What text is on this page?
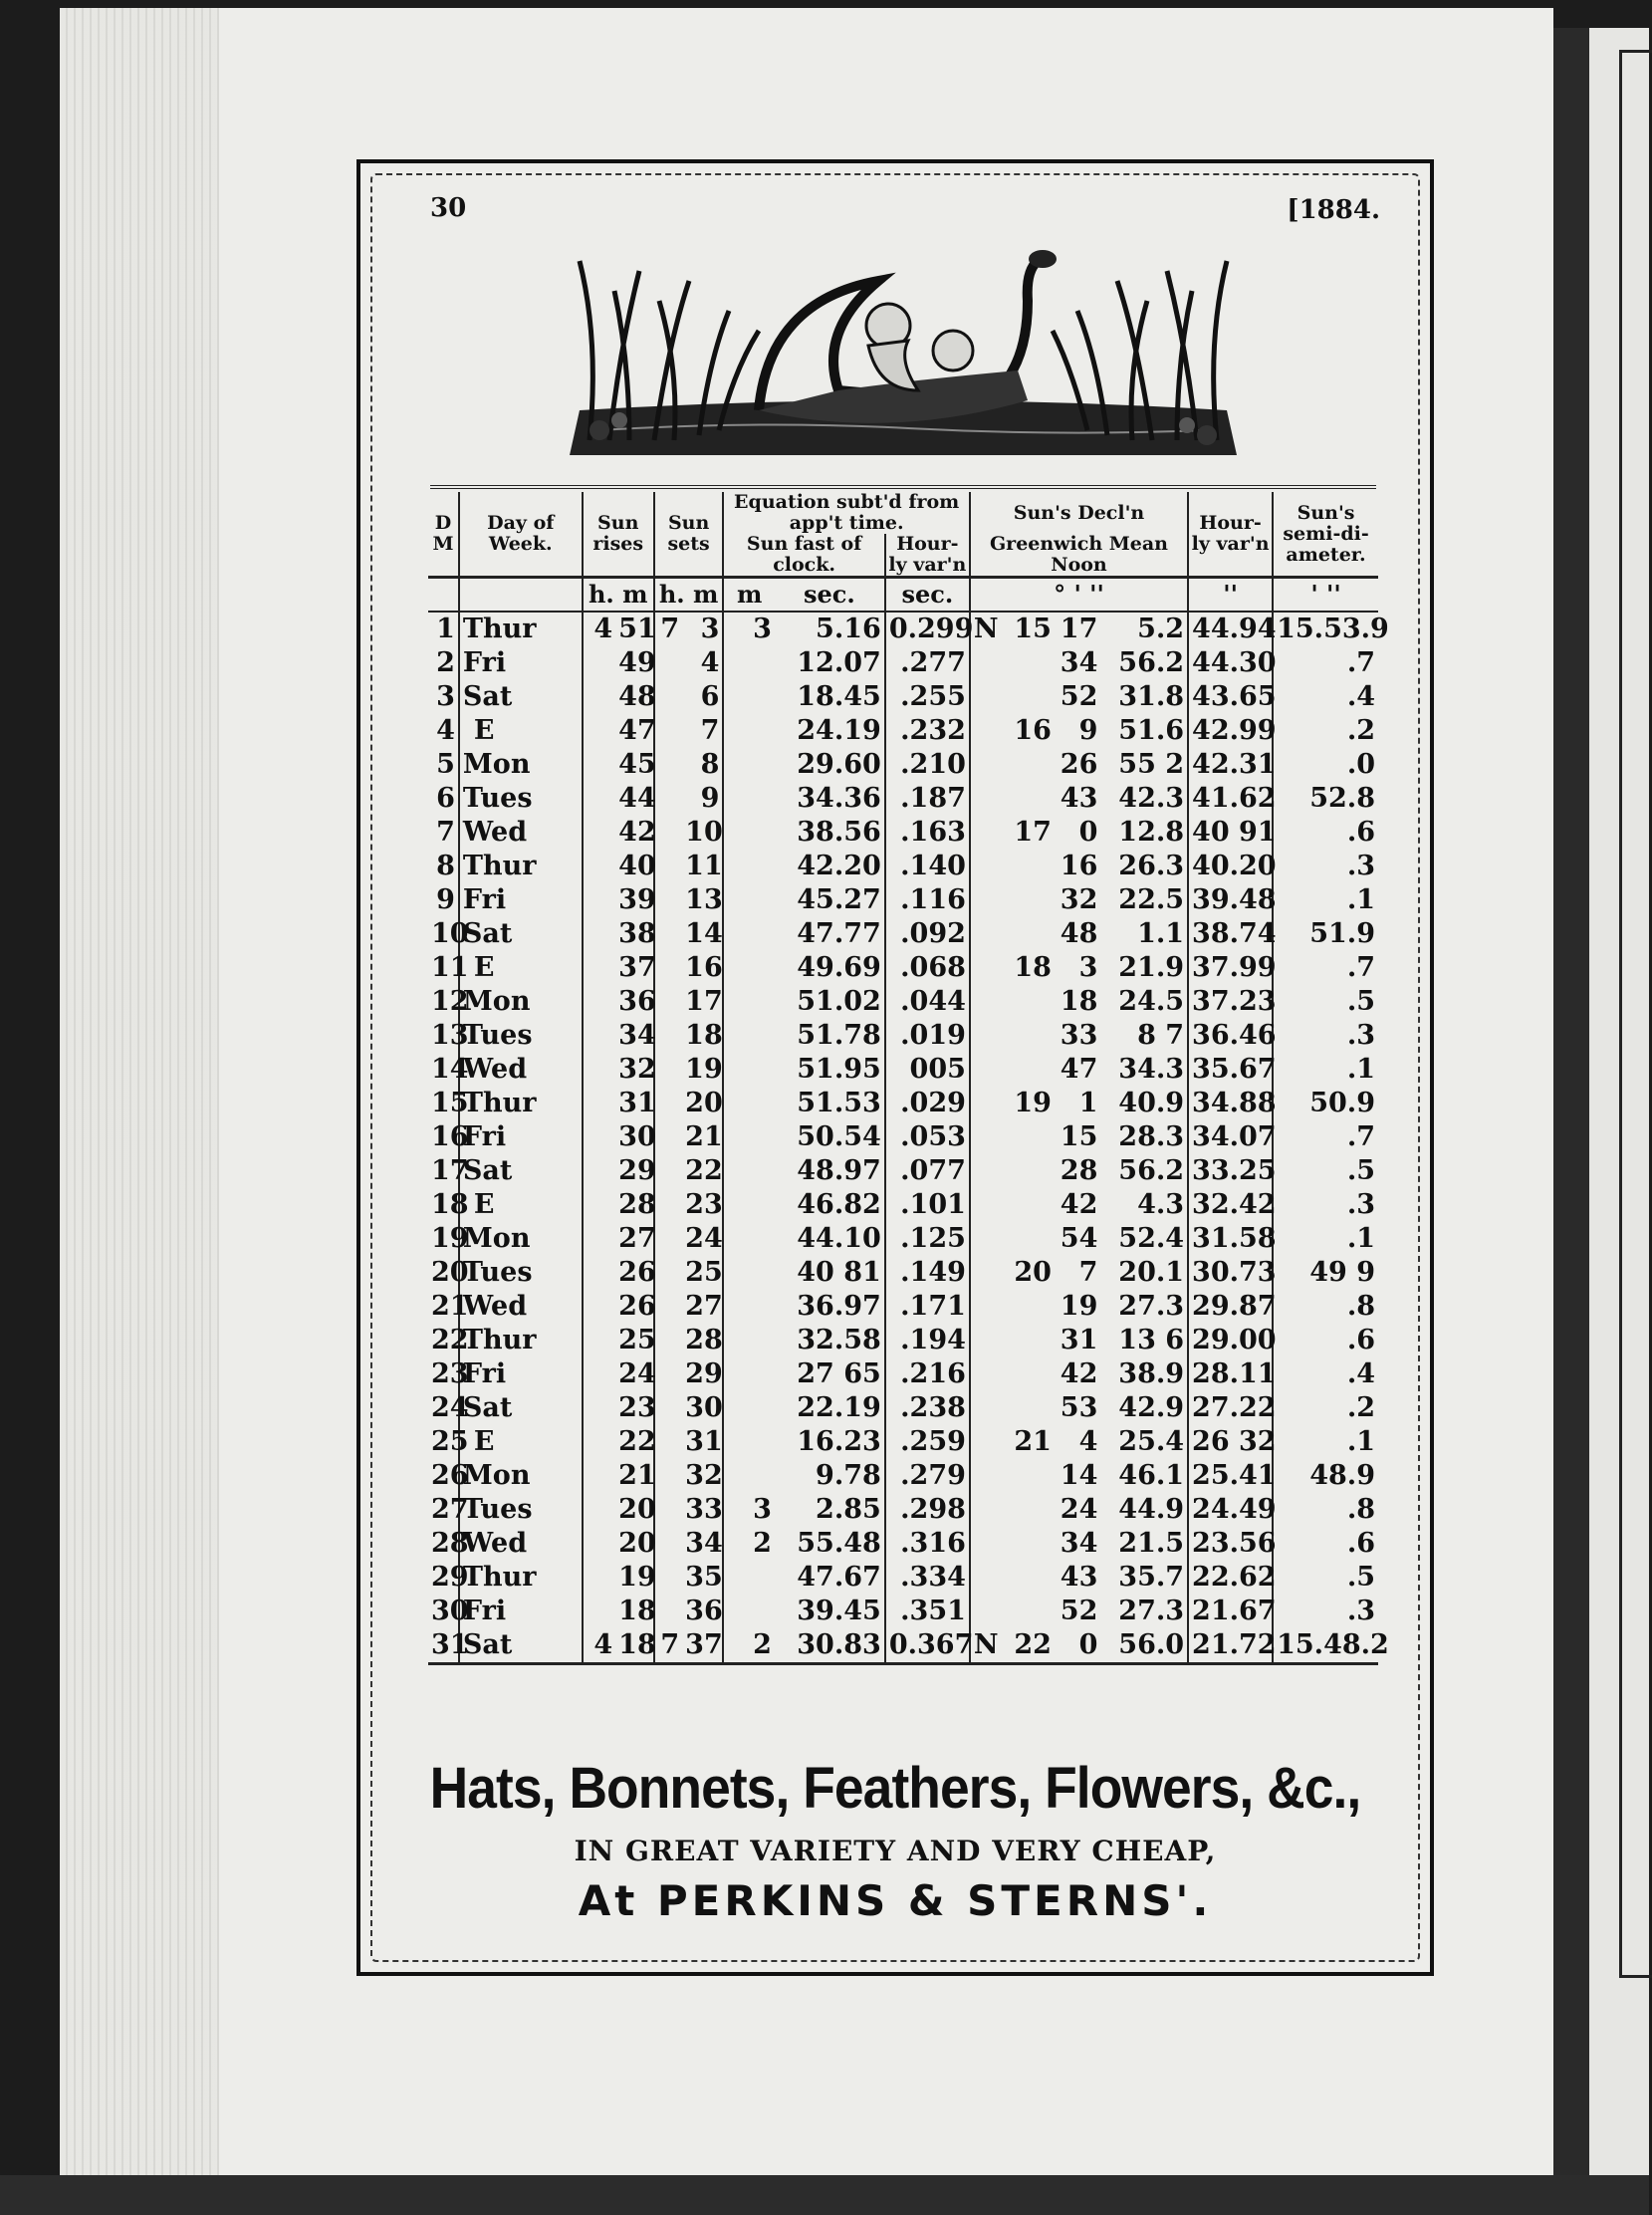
30	[1884.
D M	Day of Week.	Sun rises		Sun sets		Equation subt'd from app't time.			Sun's Decl'n				Hour-ly var'n	Sun's semi-di-ameter.
						Sun fast of clock.		Hour-ly var'n	Greenwich Mean Noon					
		h. m		h. m		m	sec.	sec.	° ' ''				''	' ''
1	Thur	4	51	7	3	3	5.16	0.299	N	15	17	5.2	44.94	15.53.9
2	Fri		49		4		12.07	.277			34	56.2	44.30	.7
3	Sat		48		6		18.45	.255			52	31.8	43.65	.4
4	E		47		7		24.19	.232		16	9	51.6	42.99	.2
5	Mon		45		8		29.60	.210			26	55 2	42.31	.0
6	Tues		44		9		34.36	.187			43	42.3	41.62	52.8
7	Wed		42		10		38.56	.163		17	0	12.8	40 91	.6
8	Thur		40		11		42.20	.140			16	26.3	40.20	.3
9	Fri		39		13		45.27	.116			32	22.5	39.48	.1
10	Sat		38		14		47.77	.092			48	1.1	38.74	51.9
11	E		37		16		49.69	.068		18	3	21.9	37.99	.7
12	Mon		36		17		51.02	.044			18	24.5	37.23	.5
13	Tues		34		18		51.78	.019			33	8 7	36.46	.3
14	Wed		32		19		51.95	005			47	34.3	35.67	.1
15	Thur		31		20		51.53	.029		19	1	40.9	34.88	50.9
16	Fri		30		21		50.54	.053			15	28.3	34.07	.7
17	Sat		29		22		48.97	.077			28	56.2	33.25	.5
18	E		28		23		46.82	.101			42	4.3	32.42	.3
19	Mon		27		24		44.10	.125			54	52.4	31.58	.1
20	Tues		26		25		40 81	.149		20	7	20.1	30.73	49 9
21	Wed		26		27		36.97	.171			19	27.3	29.87	.8
22	Thur		25		28		32.58	.194			31	13 6	29.00	.6
23	Fri		24		29		27 65	.216			42	38.9	28.11	.4
24	Sat		23		30		22.19	.238			53	42.9	27.22	.2
25	E		22		31		16.23	.259		21	4	25.4	26 32	.1
26	Mon		21		32		9.78	.279			14	46.1	25.41	48.9
27	Tues		20		33	3	2.85	.298			24	44.9	24.49	.8
28	Wed		20		34	2	55.48	.316			34	21.5	23.56	.6
29	Thur		19		35		47.67	.334			43	35.7	22.62	.5
30	Fri		18		36		39.45	.351			52	27.3	21.67	.3
31	Sat	4	18	7	37	2	30.83	0.367	N	22	0	56.0	21.72	15.48.2
Hats, Bonnets, Feathers, Flowers, &c.,
IN GREAT VARIETY AND VERY CHEAP,
At PERKINS & STERNS'.
